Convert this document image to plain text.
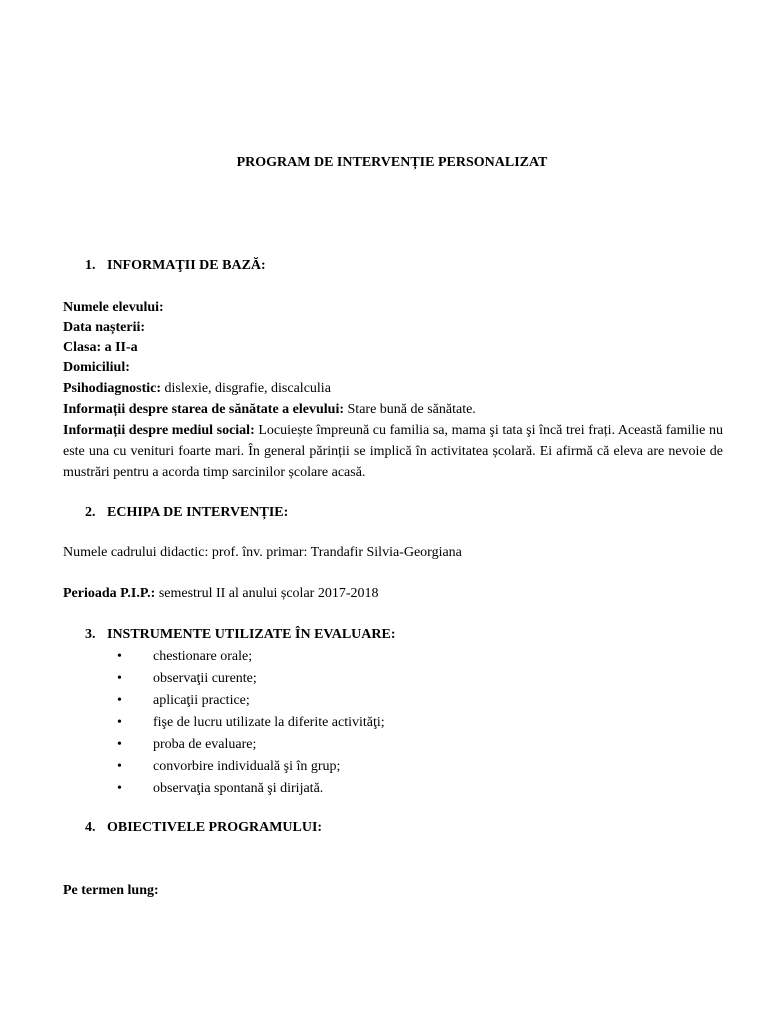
PROGRAM DE INTERVENȚIE PERSONALIZAT
1. INFORMAŢII DE BAZĂ:
Numele elevului:
Data nașterii:
Clasa: a II-a
Domiciliul:
Psihodiagnostic: dislexie, disgrafie, discalculia
Informații despre starea de sănătate a elevului: Stare bună de sănătate.
Informații despre mediul social: Locuiește împreună cu familia sa, mama şi tata şi încă trei frați. Această familie nu este una cu venituri foarte mari. În general părinții se implică în activitatea școlară. Ei afirmă că eleva are nevoie de mustrări pentru a acorda timp sarcinilor școlare acasă.
2. ECHIPA DE INTERVENȚIE:
Numele cadrului didactic: prof. înv. primar: Trandafir Silvia-Georgiana
Perioada P.I.P.: semestrul II al anului școlar 2017-2018
3. INSTRUMENTE UTILIZATE ÎN EVALUARE:
• chestionare orale;
• observaţii curente;
• aplicaţii practice;
• fişe de lucru utilizate la diferite activităţi;
• proba de evaluare;
• convorbire individuală şi în grup;
• observaţia spontană şi dirijată.
4. OBIECTIVELE PROGRAMULUI:
Pe termen lung:
